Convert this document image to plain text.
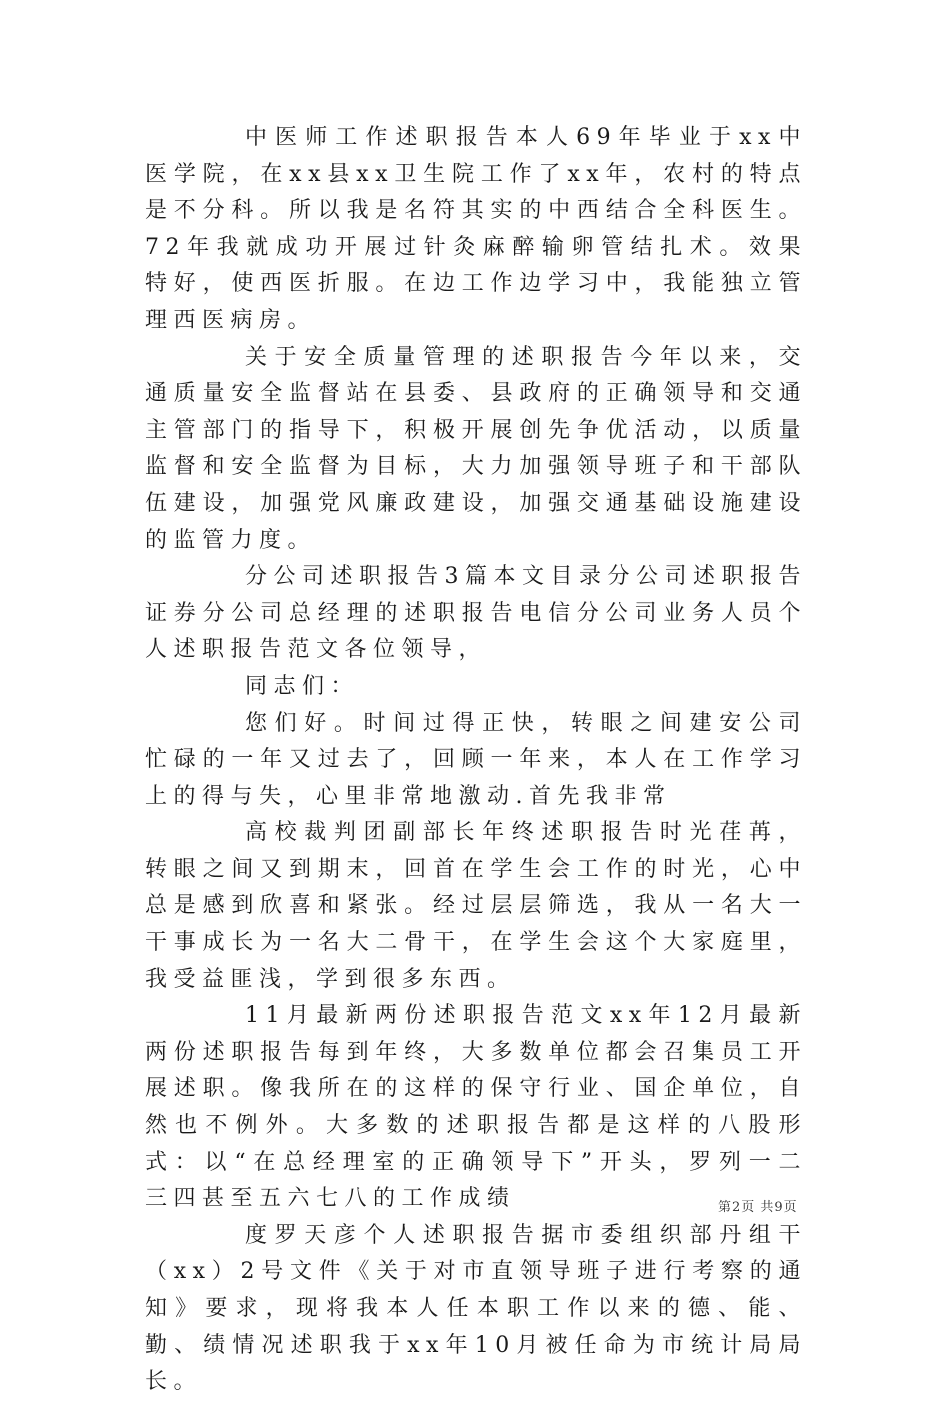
中医师工作述职报告本人69年毕业于xx中医学院，在xx县xx卫生院工作了xx年，农村的特点是不分科。所以我是名符其实的中西结合全科医生。72年我就成功开展过针灸麻醉输卵管结扎术。效果特好，使西医折服。在边工作边学习中，我能独立管理西医病房。

关于安全质量管理的述职报告今年以来，交通质量安全监督站在县委、县政府的正确领导和交通主管部门的指导下，积极开展创先争优活动，以质量监督和安全监督为目标，大力加强领导班子和干部队伍建设，加强党风廉政建设，加强交通基础设施建设的监管力度。

分公司述职报告3篇本文目录分公司述职报告证券分公司总经理的述职报告电信分公司业务人员个人述职报告范文各位领导，

同志们：

您们好。时间过得正快，转眼之间建安公司忙碌的一年又过去了，回顾一年来，本人在工作学习上的得与失，心里非常地激动.首先我非常

高校裁判团副部长年终述职报告时光荏苒，转眼之间又到期末，回首在学生会工作的时光，心中总是感到欣喜和紧张。经过层层筛选，我从一名大一干事成长为一名大二骨干，在学生会这个大家庭里，我受益匪浅，学到很多东西。

11月最新两份述职报告范文xx年12月最新两份述职报告每到年终，大多数单位都会召集员工开展述职。像我所在的这样的保守行业、国企单位，自然也不例外。大多数的述职报告都是这样的八股形式：以“在总经理室的正确领导下”开头，罗列一二三四甚至五六七八的工作成绩

度罗天彦个人述职报告据市委组织部丹组干（xx）2号文件《关于对市直领导班子进行考察的通知》要求，现将我本人任本职工作以来的德、能、勤、绩情况述职我于xx年10月被任命为市统计局局长。

第2页 共9页
